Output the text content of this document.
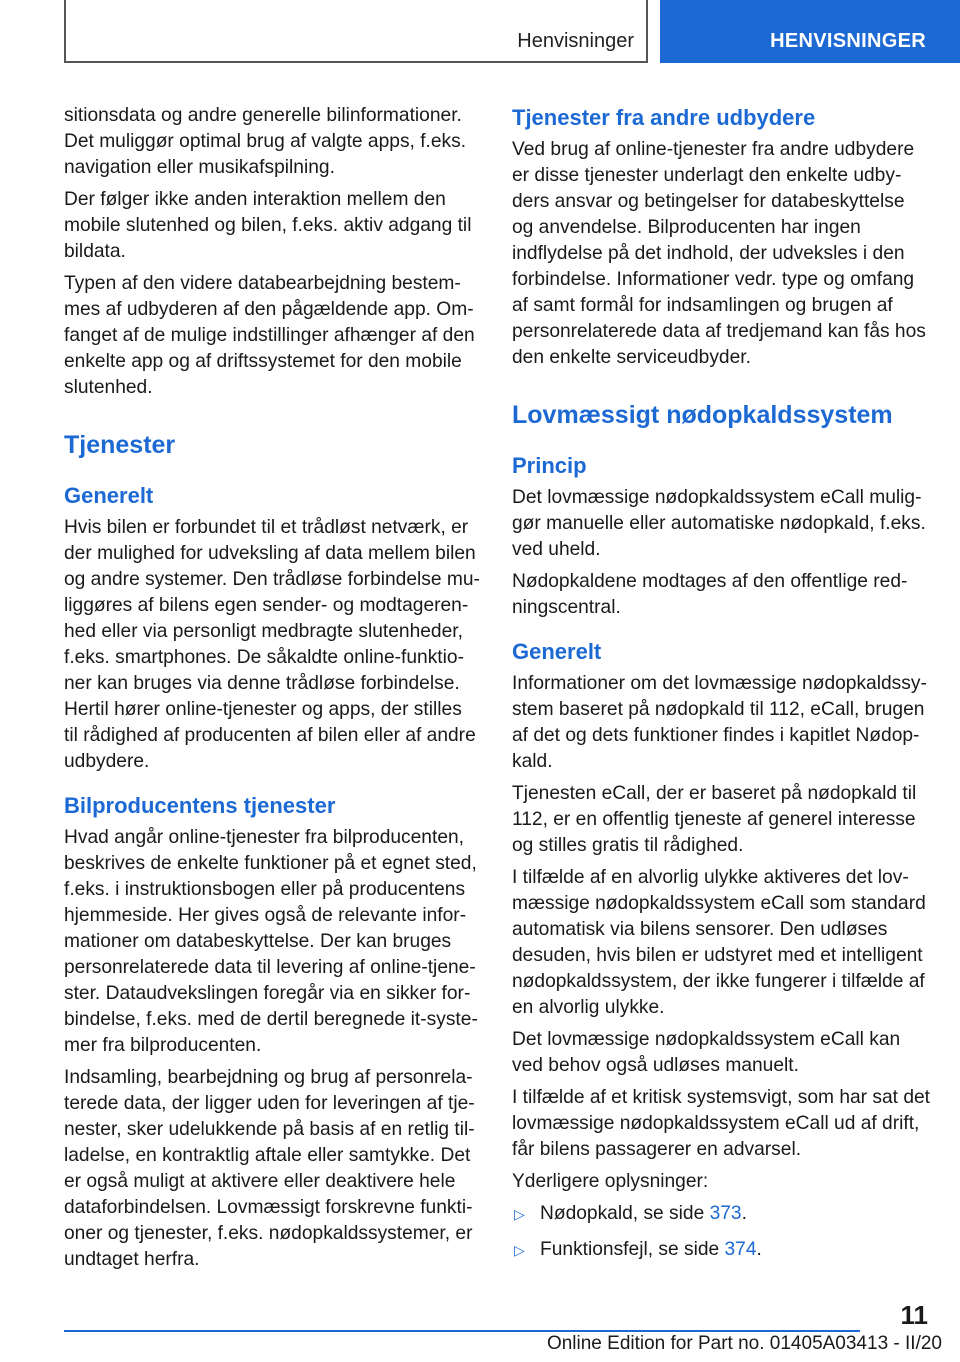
Henvisninger	HENVISNINGER

sitionsdata og andre generelle bilinformationer. Det muliggør optimal brug af valgte apps, f.eks. navigation eller musikafspilning.

Der følger ikke anden interaktion mellem den mobile slutenhed og bilen, f.eks. aktiv adgang til bildata.

Typen af den videre databearbejdning bestemmes af udbyderen af den pågældende app. Omfanget af de mulige indstillinger afhænger af den enkelte app og af driftssystemet for den mobile slutenhed.

Tjenester
Generelt

Hvis bilen er forbundet til et trådløst netværk, er der mulighed for udveksling af data mellem bilen og andre systemer. Den trådløse forbindelse muliggøres af bilens egen sender- og modtagerenhed eller via personligt medbragte slutenheder, f.eks. smartphones. De såkaldte online-funktioner kan bruges via denne trådløse forbindelse. Hertil hører online-tjenester og apps, der stilles til rådighed af producenten af bilen eller af andre udbydere.

Bilproducentens tjenester

Hvad angår online-tjenester fra bilproducenten, beskrives de enkelte funktioner på et egnet sted, f.eks. i instruktionsbogen eller på producentens hjemmeside. Her gives også de relevante informationer om databeskyttelse. Der kan bruges personrelaterede data til levering af online-tjenester. Dataudvekslingen foregår via en sikker forbindelse, f.eks. med de dertil beregnede it-systemer fra bilproducenten.

Indsamling, bearbejdning og brug af personrelaterede data, der ligger uden for leveringen af tjenester, sker udelukkende på basis af en retlig tilladelse, en kontraktlig aftale eller samtykke. Det er også muligt at aktivere eller deaktivere hele dataforbindelsen. Lovmæssigt forskrevne funktioner og tjenester, f.eks. nødopkaldssystemer, er undtaget herfra.

Tjenester fra andre udbydere

Ved brug af online-tjenester fra andre udbydere er disse tjenester underlagt den enkelte udbyders ansvar og betingelser for databeskyttelse og anvendelse. Bilproducenten har ingen indflydelse på det indhold, der udveksles i den forbindelse. Informationer vedr. type og omfang af samt formål for indsamlingen og brugen af personrelaterede data af tredjemand kan fås hos den enkelte serviceudbyder.

Lovmæssigt nødopkaldssystem
Princip

Det lovmæssige nødopkaldssystem eCall muliggør manuelle eller automatiske nødopkald, f.eks. ved uheld.

Nødopkaldene modtages af den offentlige redningscentral.

Generelt

Informationer om det lovmæssige nødopkaldssystem baseret på nødopkald til 112, eCall, brugen af det og dets funktioner findes i kapitlet Nødopkald.

Tjenesten eCall, der er baseret på nødopkald til 112, er en offentlig tjeneste af generel interesse og stilles gratis til rådighed.

I tilfælde af en alvorlig ulykke aktiveres det lovmæssige nødopkaldssystem eCall som standard automatisk via bilens sensorer. Den udløses desuden, hvis bilen er udstyret med et intelligent nødopkaldssystem, der ikke fungerer i tilfælde af en alvorlig ulykke.

Det lovmæssige nødopkaldssystem eCall kan ved behov også udløses manuelt.

I tilfælde af et kritisk systemsvigt, som har sat det lovmæssige nødopkaldssystem eCall ud af drift, får bilens passagerer en advarsel.

Yderligere oplysninger:

▷ Nødopkald, se side 373.
▷ Funktionsfejl, se side 374.
11
Online Edition for Part no. 01405A03413 - II/20
